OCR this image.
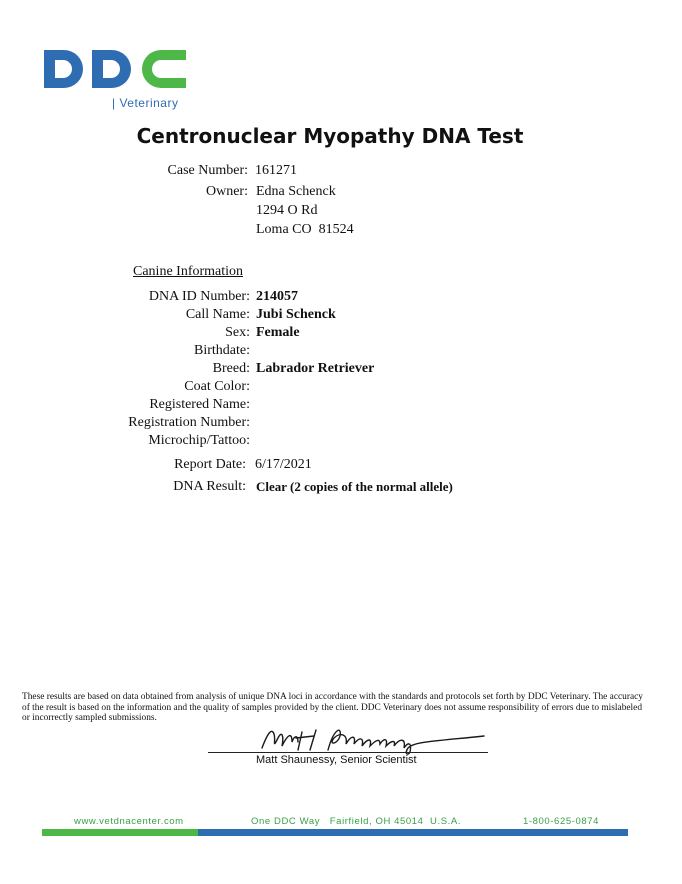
| Veterinary
Centronuclear Myopathy DNA Test
Case Number: 161271
Owner: Edna Schenck
1294 O Rd
Loma CO  81524
Canine Information
DNA ID Number: 214057
Call Name: Jubi Schenck
Sex: Female
Birthdate:
Breed: Labrador Retriever
Coat Color:
Registered Name:
Registration Number:
Microchip/Tattoo:
Report Date: 6/17/2021
DNA Result: Clear (2 copies of the normal allele)
These results are based on data obtained from analysis of unique DNA loci in accordance with the standards and protocols set forth by DDC Veterinary. The accuracy of the result is based on the information and the quality of samples provided by the client. DDC Veterinary does not assume responsibility of errors due to mislabeled or incorrectly sampled submissions.
Matt Shaunessy, Senior Scientist
www.vetdnacenter.com	One DDC Way   Fairfield, OH 45014  U.S.A.	1-800-625-0874
